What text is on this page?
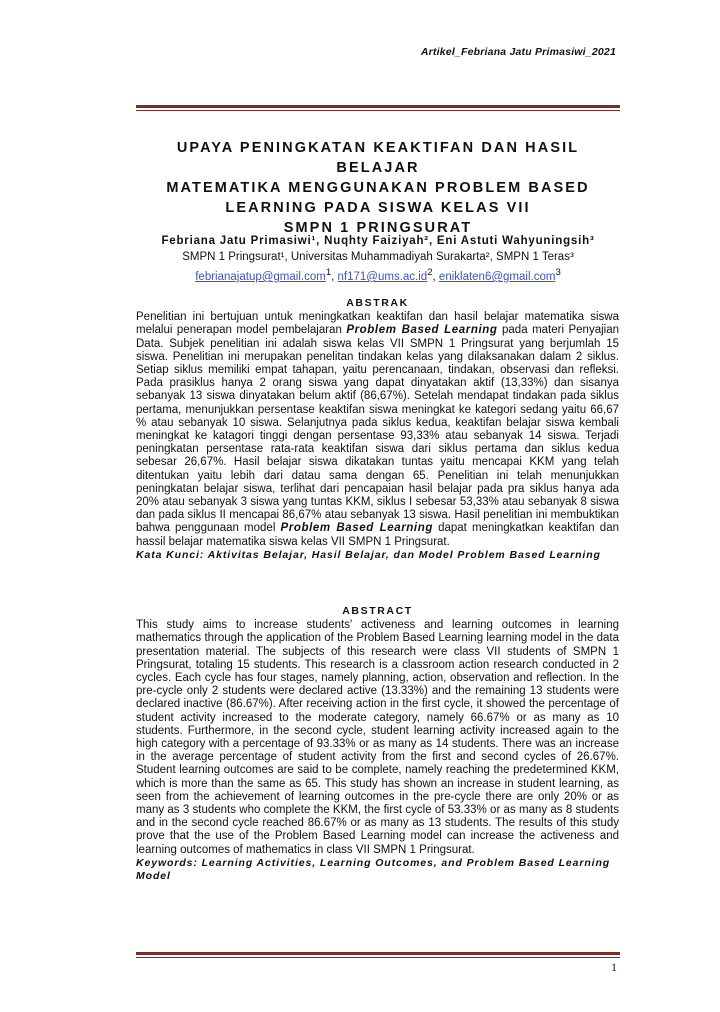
Artikel_Febriana Jatu Primasiwi_2021
UPAYA PENINGKATAN KEAKTIFAN DAN HASIL BELAJAR
MATEMATIKA MENGGUNAKAN PROBLEM BASED
LEARNING PADA SISWA KELAS VII
SMPN 1 PRINGSURAT
Febriana Jatu Primasiwi¹, Nuqhty Faiziyah², Eni Astuti Wahyuningsih³
SMPN 1 Pringsurat¹, Universitas Muhammadiyah Surakarta², SMPN 1 Teras³
febrianajatup@gmail.com$^1$, $nf171@ums.ac.id^2$, eniklaten6@gmail.com$^3$
ABSTRAK
Penelitian ini bertujuan untuk meningkatkan keaktifan dan hasil belajar matematika siswa melalui penerapan model pembelajaran Problem Based Learning pada materi Penyajian Data. Subjek penelitian ini adalah siswa kelas VII SMPN 1 Pringsurat yang berjumlah 15 siswa. Penelitian ini merupakan penelitan tindakan kelas yang dilaksanakan dalam 2 siklus. Setiap siklus memiliki empat tahapan, yaitu perencanaan, tindakan, observasi dan refleksi. Pada prasiklus hanya 2 orang siswa yang dapat dinyatakan aktif (13,33%) dan sisanya sebanyak 13 siswa dinyatakan belum aktif (86,67%). Setelah mendapat tindakan pada siklus pertama, menunjukkan persentase keaktifan siswa meningkat ke kategori sedang yaitu 66,67 % atau sebanyak 10 siswa. Selanjutnya pada siklus kedua, keaktifan belajar siswa kembali meningkat ke katagori tinggi dengan persentase 93,33% atau sebanyak 14 siswa. Terjadi peningkatan persentase rata-rata keaktifan siswa dari siklus pertama dan siklus kedua sebesar 26,67%. Hasil belajar siswa dikatakan tuntas yaitu mencapai KKM yang telah ditentukan yaitu lebih dari datau sama dengan 65. Penelitian ini telah menunjukkan peningkatan belajar siswa, terlihat dari pencapaian hasil belajar pada pra siklus hanya ada 20% atau sebanyak 3 siswa yang tuntas KKM, siklus I sebesar 53,33% atau sebanyak 8 siswa dan pada siklus II mencapai 86,67% atau sebanyak 13 siswa. Hasil penelitian ini membuktikan bahwa penggunaan model Problem Based Learning dapat meningkatkan keaktifan dan hassil belajar matematika siswa kelas VII SMPN 1 Pringsurat.
Kata Kunci: Aktivitas Belajar, Hasil Belajar, dan Model Problem Based Learning
ABSTRACT
This study aims to increase students' activeness and learning outcomes in learning mathematics through the application of the Problem Based Learning learning model in the data presentation material. The subjects of this research were class VII students of SMPN 1 Pringsurat, totaling 15 students. This research is a classroom action research conducted in 2 cycles. Each cycle has four stages, namely planning, action, observation and reflection. In the pre-cycle only 2 students were declared active (13.33%) and the remaining 13 students were declared inactive (86.67%). After receiving action in the first cycle, it showed the percentage of student activity increased to the moderate category, namely 66.67% or as many as 10 students. Furthermore, in the second cycle, student learning activity increased again to the high category with a percentage of 93.33% or as many as 14 students. There was an increase in the average percentage of student activity from the first and second cycles of 26.67%. Student learning outcomes are said to be complete, namely reaching the predetermined KKM, which is more than the same as 65. This study has shown an increase in student learning, as seen from the achievement of learning outcomes in the pre-cycle there are only 20% or as many as 3 students who complete the KKM, the first cycle of 53.33% or as many as 8 students and in the second cycle reached 86.67% or as many as 13 students. The results of this study prove that the use of the Problem Based Learning model can increase the activeness and learning outcomes of mathematics in class VII SMPN 1 Pringsurat.
Keywords: Learning Activities, Learning Outcomes, and Problem Based Learning Model
1
